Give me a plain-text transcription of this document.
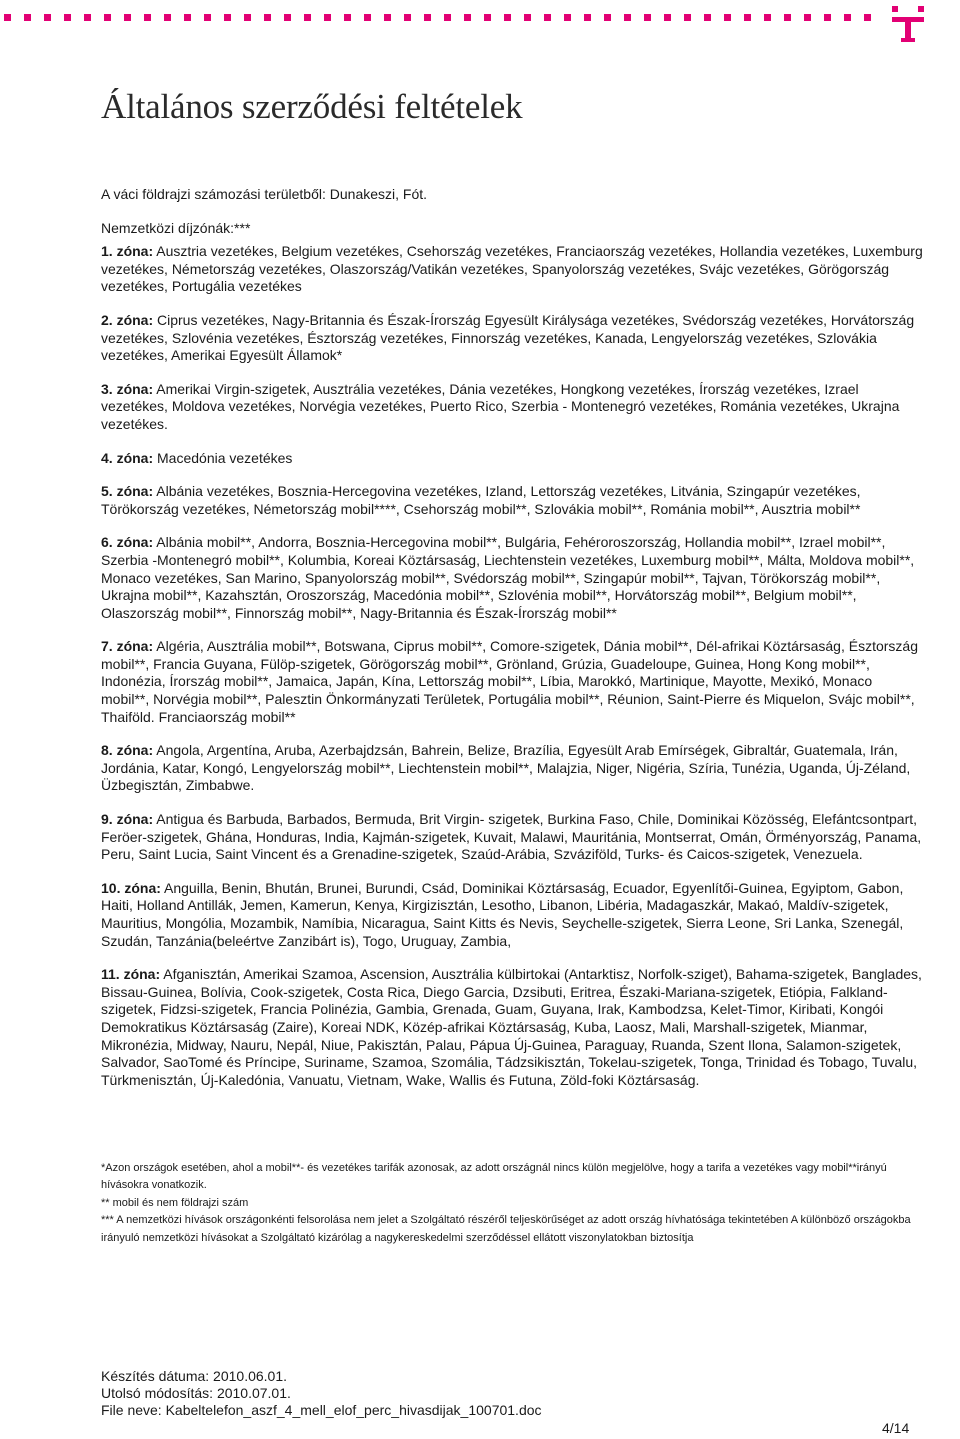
Általános szerződési feltételek

A váci földrajzi számozási területből: Dunakeszi, Fót.

Nemzetközi díjzónák:***

1. zóna: Ausztria vezetékes, Belgium vezetékes, Csehország vezetékes, Franciaország vezetékes, Hollandia vezetékes, Luxemburg vezetékes, Németország vezetékes, Olaszország/Vatikán vezetékes, Spanyolország vezetékes, Svájc vezetékes, Görögország vezetékes, Portugália vezetékes

2. zóna: Ciprus vezetékes, Nagy-Britannia és Észak-Írország Egyesült Királysága vezetékes, Svédország vezetékes, Horvátország vezetékes, Szlovénia vezetékes, Észtország vezetékes, Finnország vezetékes, Kanada, Lengyelország vezetékes, Szlovákia vezetékes, Amerikai Egyesült Államok*

3. zóna: Amerikai Virgin-szigetek, Ausztrália vezetékes, Dánia vezetékes, Hongkong vezetékes, Írország vezetékes, Izrael vezetékes, Moldova vezetékes, Norvégia vezetékes, Puerto Rico, Szerbia - Montenegró vezetékes, Románia vezetékes, Ukrajna vezetékes.

4. zóna: Macedónia vezetékes

5. zóna: Albánia vezetékes, Bosznia-Hercegovina vezetékes, Izland, Lettország vezetékes, Litvánia, Szingapúr vezetékes, Törökország vezetékes, Németország mobil****, Csehország mobil**, Szlovákia mobil**, Románia mobil**, Ausztria mobil**

6. zóna: Albánia mobil**, Andorra, Bosznia-Hercegovina mobil**, Bulgária, Fehéroroszország, Hollandia mobil**, Izrael mobil**, Szerbia -Montenegró mobil**, Kolumbia, Koreai Köztársaság, Liechtenstein vezetékes, Luxemburg mobil**, Málta, Moldova mobil**, Monaco vezetékes, San Marino, Spanyolország mobil**, Svédország mobil**, Szingapúr mobil**, Tajvan, Törökország mobil**, Ukrajna mobil**, Kazahsztán, Oroszország, Macedónia mobil**, Szlovénia mobil**, Horvátország mobil**, Belgium mobil**, Olaszország mobil**, Finnország mobil**, Nagy-Britannia és Észak-Írország mobil**

7. zóna: Algéria, Ausztrália mobil**, Botswana, Ciprus mobil**, Comore-szigetek, Dánia mobil**, Dél-afrikai Köztársaság, Észtország mobil**, Francia Guyana, Fülöp-szigetek, Görögország mobil**, Grönland, Grúzia, Guadeloupe, Guinea, Hong Kong mobil**, Indonézia, Írország mobil**, Jamaica, Japán, Kína, Lettország mobil**, Líbia, Marokkó, Martinique, Mayotte, Mexikó, Monaco mobil**, Norvégia mobil**, Palesztin Önkormányzati Területek, Portugália mobil**, Réunion, Saint-Pierre és Miquelon, Svájc mobil**, Thaiföld. Franciaország mobil**

8. zóna: Angola, Argentína, Aruba, Azerbajdzsán, Bahrein, Belize, Brazília, Egyesült Arab Emírségek, Gibraltár, Guatemala, Irán, Jordánia, Katar, Kongó, Lengyelország mobil**, Liechtenstein mobil**, Malajzia, Niger, Nigéria, Szíria, Tunézia, Uganda, Új-Zéland, Üzbegisztán, Zimbabwe.

9. zóna: Antigua és Barbuda, Barbados, Bermuda, Brit Virgin- szigetek, Burkina Faso, Chile, Dominikai Közösség, Elefántcsontpart, Feröer-szigetek, Ghána, Honduras, India, Kajmán-szigetek, Kuvait, Malawi, Mauritánia, Montserrat, Omán, Örményország, Panama, Peru, Saint Lucia, Saint Vincent és a Grenadine-szigetek, Szaúd-Arábia, Szváziföld, Turks- és Caicos-szigetek, Venezuela.

10. zóna: Anguilla, Benin, Bhután, Brunei, Burundi, Csád, Dominikai Köztársaság, Ecuador, Egyenlítői-Guinea, Egyiptom, Gabon, Haiti, Holland Antillák, Jemen, Kamerun, Kenya, Kirgizisztán, Lesotho, Libanon, Libéria, Madagaszkár, Makaó, Maldív-szigetek, Mauritius, Mongólia, Mozambik, Namíbia, Nicaragua, Saint Kitts és Nevis, Seychelle-szigetek, Sierra Leone, Sri Lanka, Szenegál, Szudán, Tanzánia(beleértve Zanzibárt is), Togo, Uruguay, Zambia,

11. zóna: Afganisztán, Amerikai Szamoa, Ascension, Ausztrália külbirtokai (Antarktisz, Norfolk-sziget), Bahama-szigetek, Banglades, Bissau-Guinea, Bolívia, Cook-szigetek, Costa Rica, Diego Garcia, Dzsibuti, Eritrea, Északi-Mariana-szigetek, Etiópia, Falkland-szigetek, Fidzsi-szigetek, Francia Polinézia, Gambia, Grenada, Guam, Guyana, Irak, Kambodzsa, Kelet-Timor, Kiribati, Kongói Demokratikus Köztársaság (Zaire), Koreai NDK, Közép-afrikai Köztársaság, Kuba, Laosz, Mali, Marshall-szigetek, Mianmar, Mikronézia, Midway, Nauru, Nepál, Niue, Pakisztán, Palau, Pápua Új-Guinea, Paraguay, Ruanda, Szent Ilona, Salamon-szigetek, Salvador, SaoTomé és Príncipe, Suriname, Szamoa, Szomália, Tádzsikisztán, Tokelau-szigetek, Tonga, Trinidad és Tobago, Tuvalu, Türkmenisztán, Új-Kaledónia, Vanuatu, Vietnam, Wake, Wallis és Futuna, Zöld-foki Köztársaság.

*Azon országok esetében, ahol a mobil**- és vezetékes tarifák azonosak, az adott országnál nincs külön megjelölve, hogy a tarifa a vezetékes vagy mobil**irányú hívásokra vonatkozik.

** mobil és nem földrajzi szám

*** A nemzetközi hívások országonkénti felsorolása nem jelet a Szolgáltató részéről teljeskörűséget az adott ország hívhatósága tekintetében A különböző országokba irányuló nemzetközi hívásokat a Szolgáltató kizárólag a nagykereskedelmi szerződéssel ellátott viszonylatokban biztosítja

Készítés dátuma: 2010.06.01.

Utolsó módosítás: 2010.07.01.

File neve: Kabeltelefon_aszf_4_mell_elof_perc_hivasdijak_100701.doc

4/14
